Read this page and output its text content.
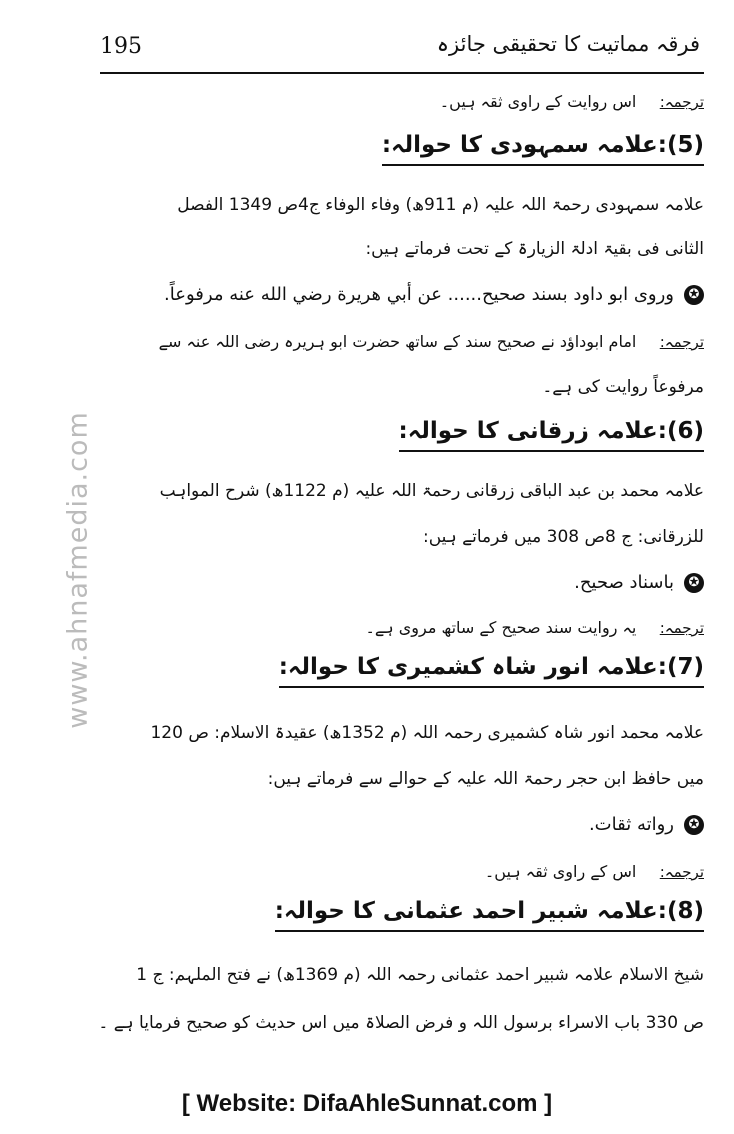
195	فرقہ مماتیت کا تحقیقی جائزہ
www.ahnafmedia.com
ترجمہ: اس روایت کے راوی ثقہ ہیں۔
(5):علامہ سمہودی کا حوالہ:
علامہ سمہودی رحمۃ اللہ علیہ (م 911ھ) وفاء الوفاء ج4ص 1349 الفصل
الثانی فی بقیۃ ادلۃ الزیارۃ کے تحت فرماتے ہیں:
✪وروی ابو داود بسند صحیح...... عن أبي هريرة رضي الله عنه مرفوعاً.
ترجمہ: امام ابوداؤد نے صحیح سند کے ساتھ حضرت ابو ہریرہ رضی اللہ عنہ سے
مرفوعاً روایت کی ہے۔
(6):علامہ زرقانی کا حوالہ:
علامہ محمد بن عبد الباقی زرقانی رحمۃ اللہ علیہ (م 1122ھ) شرح المواہب
للزرقانی: ج 8ص 308 میں فرماتے ہیں:
✪باسناد صحیح.
ترجمہ: یہ روایت سند صحیح کے ساتھ مروی ہے۔
(7):علامہ انور شاہ کشمیری کا حوالہ:
علامہ محمد انور شاہ کشمیری رحمہ اللہ (م 1352ھ) عقیدۃ الاسلام: ص 120
میں حافظ ابن حجر رحمۃ اللہ علیہ کے حوالے سے فرماتے ہیں:
✪رواته ثقات.
ترجمہ: اس کے راوی ثقہ ہیں۔
(8):علامہ شبیر احمد عثمانی کا حوالہ:
شیخ الاسلام علامہ شبیر احمد عثمانی رحمہ اللہ (م 1369ھ) نے فتح الملہم: ج 1
ص 330 باب الاسراء برسول اللہ و فرض الصلاۃ میں اس حدیث کو صحیح فرمایا ہے ۔
[ Website: DifaAhleSunnat.com ]
